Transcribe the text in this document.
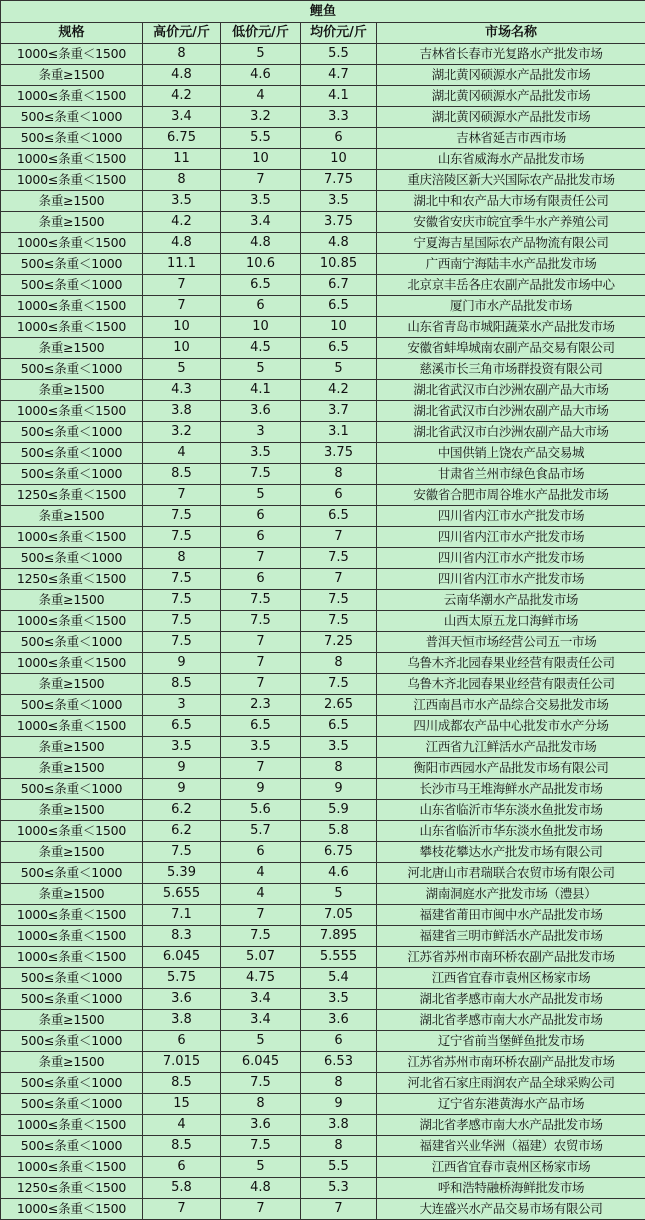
鲤鱼				
规格	高价元/斤	低价元/斤	均价元/斤	市场名称
1000≤条重＜1500	8	5	5.5	吉林省长春市光复路水产批发市场
条重≥1500	4.8	4.6	4.7	湖北黄冈硕源水产品批发市场
1000≤条重＜1500	4.2	4	4.1	湖北黄冈硕源水产品批发市场
500≤条重＜1000	3.4	3.2	3.3	湖北黄冈硕源水产品批发市场
500≤条重＜1000	6.75	5.5	6	吉林省延吉市西市场
1000≤条重＜1500	11	10	10	山东省威海水产品批发市场
1000≤条重＜1500	8	7	7.75	重庆涪陵区新大兴国际农产品批发市场
条重≥1500	3.5	3.5	3.5	湖北中和农产品大市场有限责任公司
条重≥1500	4.2	3.4	3.75	安徽省安庆市皖宜季牛水产养殖公司
1000≤条重＜1500	4.8	4.8	4.8	宁夏海吉星国际农产品物流有限公司
500≤条重＜1000	11.1	10.6	10.85	广西南宁海陆丰水产品批发市场
500≤条重＜1000	7	6.5	6.7	北京京丰岳各庄农副产品批发市场中心
1000≤条重＜1500	7	6	6.5	厦门市水产品批发市场
1000≤条重＜1500	10	10	10	山东省青岛市城阳蔬菜水产品批发市场
条重≥1500	10	4.5	6.5	安徽省蚌埠城南农副产品交易有限公司
500≤条重＜1000	5	5	5	慈溪市长三角市场群投资有限公司
条重≥1500	4.3	4.1	4.2	湖北省武汉市白沙洲农副产品大市场
1000≤条重＜1500	3.8	3.6	3.7	湖北省武汉市白沙洲农副产品大市场
500≤条重＜1000	3.2	3	3.1	湖北省武汉市白沙洲农副产品大市场
500≤条重＜1000	4	3.5	3.75	中国供销上饶农产品交易城
500≤条重＜1000	8.5	7.5	8	甘肃省兰州市绿色食品市场
1250≤条重＜1500	7	5	6	安徽省合肥市周谷堆水产品批发市场
条重≥1500	7.5	6	6.5	四川省内江市水产批发市场
1000≤条重＜1500	7.5	6	7	四川省内江市水产批发市场
500≤条重＜1000	8	7	7.5	四川省内江市水产批发市场
1250≤条重＜1500	7.5	6	7	四川省内江市水产批发市场
条重≥1500	7.5	7.5	7.5	云南华潮水产品批发市场
1000≤条重＜1500	7.5	7.5	7.5	山西太原五龙口海鲜市场
500≤条重＜1000	7.5	7	7.25	普洱天恒市场经营公司五一市场
1000≤条重＜1500	9	7	8	乌鲁木齐北园春果业经营有限责任公司
条重≥1500	8.5	7	7.5	乌鲁木齐北园春果业经营有限责任公司
500≤条重＜1000	3	2.3	2.65	江西南昌市水产品综合交易批发市场
1000≤条重＜1500	6.5	6.5	6.5	四川成都农产品中心批发市水产分场
条重≥1500	3.5	3.5	3.5	江西省九江鲜活水产品批发市场
条重≥1500	9	7	8	衡阳市西园水产品批发市场有限公司
500≤条重＜1000	9	9	9	长沙市马王堆海鲜水产品批发市场
条重≥1500	6.2	5.6	5.9	山东省临沂市华东淡水鱼批发市场
1000≤条重＜1500	6.2	5.7	5.8	山东省临沂市华东淡水鱼批发市场
条重≥1500	7.5	6	6.75	攀枝花攀达水产批发市场有限公司
500≤条重＜1000	5.39	4	4.6	河北唐山市君瑞联合农贸市场有限公司
条重≥1500	5.655	4	5	湖南洞庭水产批发市场（澧县）
1000≤条重＜1500	7.1	7	7.05	福建省莆田市闽中水产品批发市场
1000≤条重＜1500	8.3	7.5	7.895	福建省三明市鲜活水产品批发市场
1000≤条重＜1500	6.045	5.07	5.555	江苏省苏州市南环桥农副产品批发市场
500≤条重＜1000	5.75	4.75	5.4	江西省宜春市袁州区杨家市场
500≤条重＜1000	3.6	3.4	3.5	湖北省孝感市南大水产品批发市场
条重≥1500	3.8	3.4	3.6	湖北省孝感市南大水产品批发市场
500≤条重＜1000	6	5	6	辽宁省前当堡鲜鱼批发市场
条重≥1500	7.015	6.045	6.53	江苏省苏州市南环桥农副产品批发市场
500≤条重＜1000	8.5	7.5	8	河北省石家庄雨润农产品全球采购公司
500≤条重＜1000	15	8	9	辽宁省东港黄海水产品市场
1000≤条重＜1500	4	3.6	3.8	湖北省孝感市南大水产品批发市场
500≤条重＜1000	8.5	7.5	8	福建省兴业华洲（福建）农贸市场
1000≤条重＜1500	6	5	5.5	江西省宜春市袁州区杨家市场
1250≤条重＜1500	5.8	4.8	5.3	呼和浩特融桥海鲜批发市场
1000≤条重＜1500	7	7	7	大连盛兴水产品交易市场有限公司
